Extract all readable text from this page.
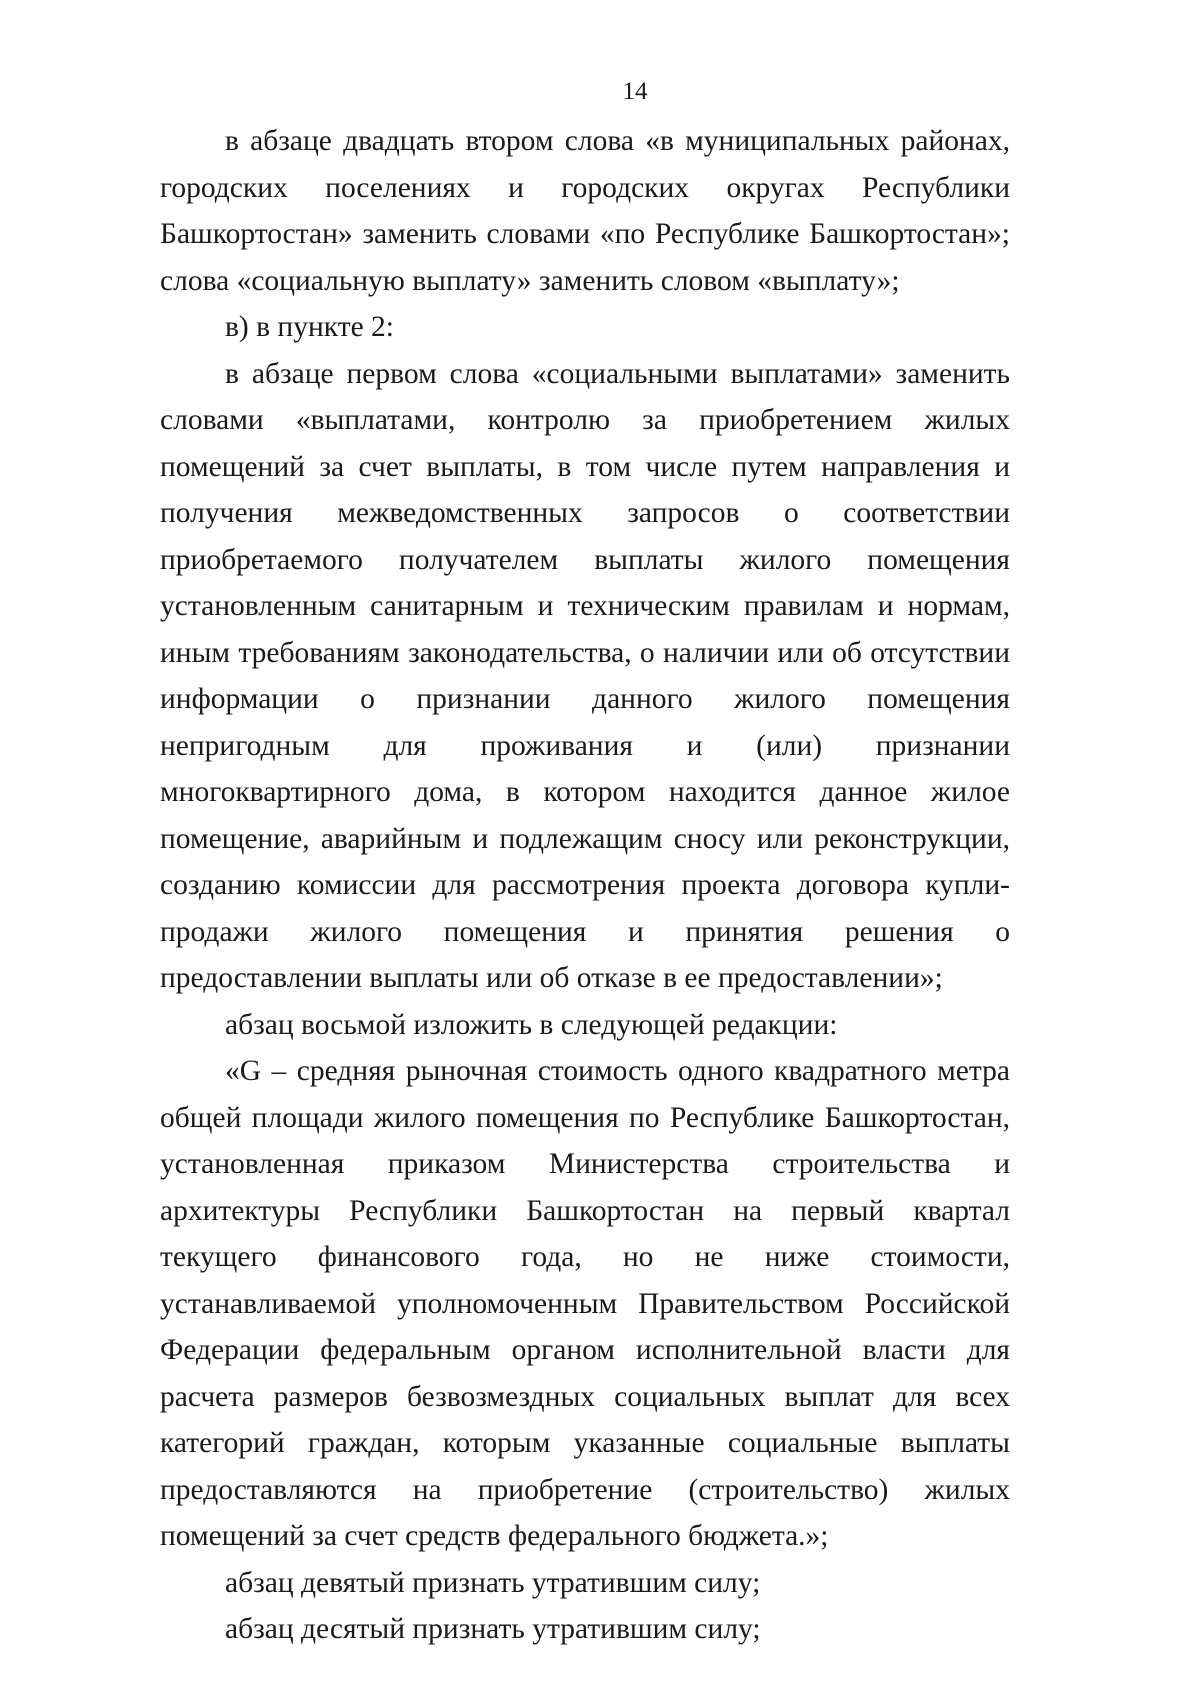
14

в абзаце двадцать втором слова «в муниципальных районах, городских поселениях и городских округах Республики Башкортостан» заменить словами «по Республике Башкортостан»; слова «социальную выплату» заменить словом «выплату»;

в) в пункте 2:

в абзаце первом слова «социальными выплатами» заменить словами «выплатами, контролю за приобретением жилых помещений за счет выплаты, в том числе путем направления и получения межведомственных запросов о соответствии приобретаемого получателем выплаты жилого помещения установленным санитарным и техническим правилам и нормам, иным требованиям законодательства, о наличии или об отсутствии информации о признании данного жилого помещения непригодным для проживания и (или) признании многоквартирного дома, в котором находится данное жилое помещение, аварийным и подлежащим сносу или реконструкции, созданию комиссии для рассмотрения проекта договора купли-продажи жилого помещения и принятия решения о предоставлении выплаты или об отказе в ее предоставлении»;

абзац восьмой изложить в следующей редакции:

«G – средняя рыночная стоимость одного квадратного метра общей площади жилого помещения по Республике Башкортостан, установленная приказом Министерства строительства и архитектуры Республики Башкортостан на первый квартал текущего финансового года, но не ниже стоимости, устанавливаемой уполномоченным Правительством Российской Федерации федеральным органом исполнительной власти для расчета размеров безвозмездных социальных выплат для всех категорий граждан, которым указанные социальные выплаты предоставляются на приобретение (строительство) жилых помещений за счет средств федерального бюджета.»;

абзац девятый признать утратившим силу;

абзац десятый признать утратившим силу;
